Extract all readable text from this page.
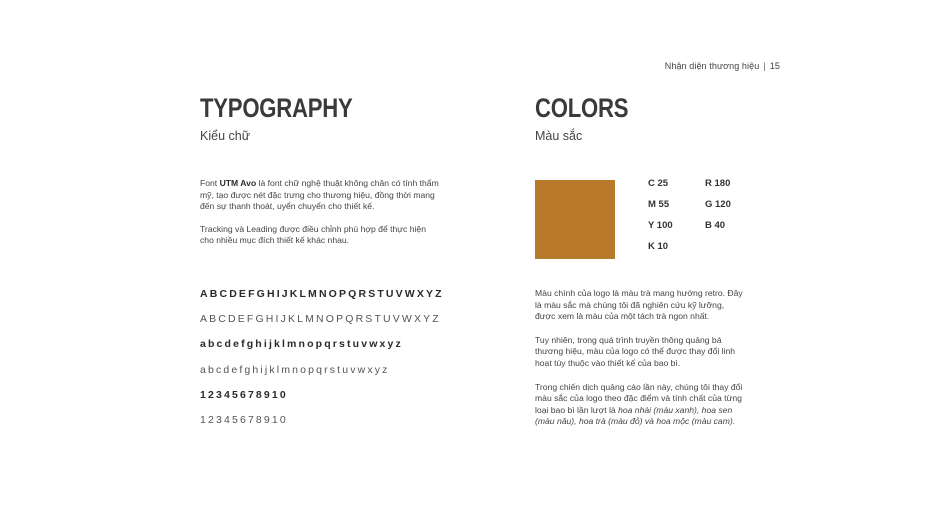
Nhận diện thương hiệu | 15
TYPOGRAPHY
Kiểu chữ

Font UTM Avo là font chữ nghệ thuật không chân có tính thẩm mỹ, tạo được nét đặc trưng cho thương hiệu, đồng thời mang đến sự thanh thoát, uyển chuyển cho thiết kế.

Tracking và Leading được điều chỉnh phù hợp để thực hiện cho nhiều mục đích thiết kế khác nhau.

ABCDEFGHIJKLMNOPQRSTUVWXYZ
ABCDEFGHIJKLMNOPQRSTUVWXYZ
abcdefghijklmnopqrstuvwxyz
abcdefghijklmnopqrstuvwxyz
12345678910
12345678910
COLORS
Màu sắc
C 25	R 180
M 55	G 120
Y 100	B 40
K 10

Màu chính của logo là màu trà mang hướng retro. Đây là màu sắc mà chúng tôi đã nghiên cứu kỹ lưỡng, được xem là màu của một tách trà ngon nhất.

Tuy nhiên, trong quá trình truyền thông quảng bá thương hiệu, màu của logo có thể được thay đổi linh hoạt tùy thuộc vào thiết kế của bao bì.

Trong chiến dịch quảng cáo lần này, chúng tôi thay đổi màu sắc của logo theo đặc điểm và tính chất của từng loại bao bì lần lượt là hoa nhài (màu xanh), hoa sen (màu nâu), hoa trà (màu đỏ) và hoa mộc (màu cam).
